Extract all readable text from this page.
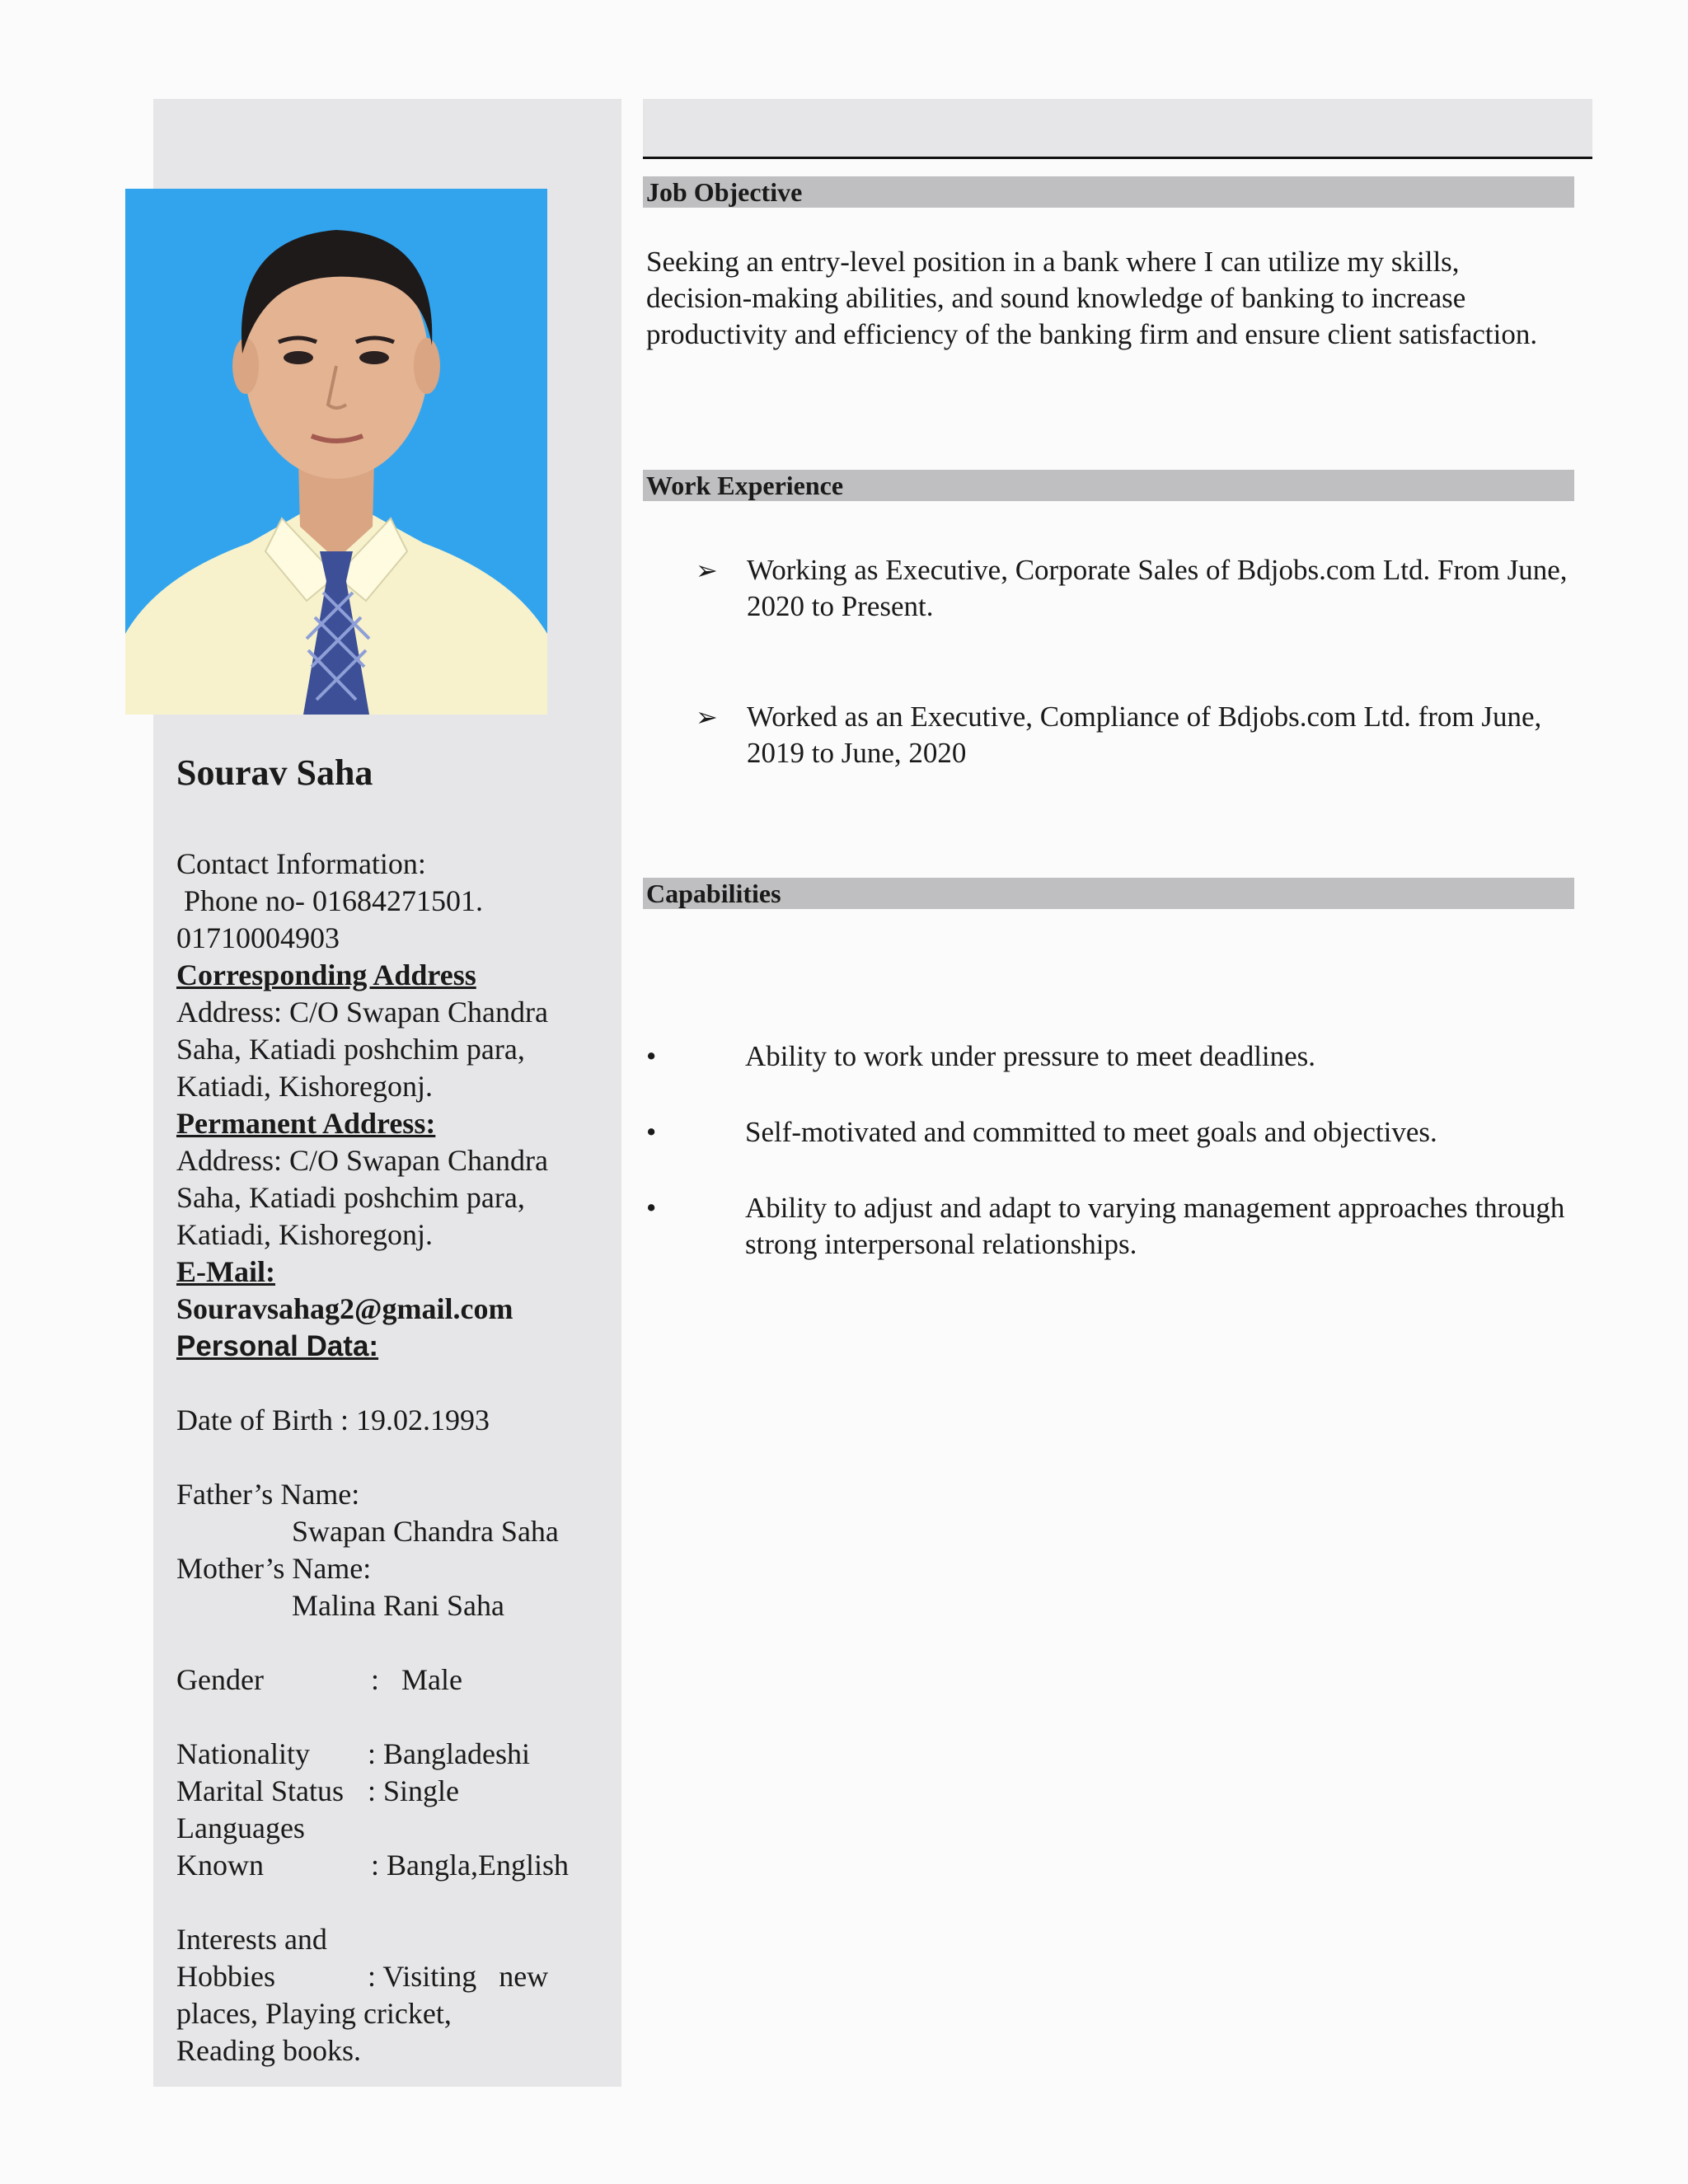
Sourav Saha
Contact Information:
Phone no- 01684271501.
01710004903
Corresponding Address
Address: C/O Swapan Chandra
Saha, Katiadi poshchim para,
Katiadi, Kishoregonj.
Permanent Address:
Address: C/O Swapan Chandra
Saha, Katiadi poshchim para,
Katiadi, Kishoregonj.
E-Mail:
Souravsahag2@gmail.com
Personal Data:
Date of Birth : 19.02.1993
Father’s Name:
Swapan Chandra Saha
Mother’s Name:
Malina Rani Saha
Gender	:   Male
Nationality	: Bangladeshi
Marital Status : Single
Languages
Known	: Bangla,English
Interests and
Hobbies	: Visiting   new
places, Playing cricket,
Reading books.
Job Objective
Seeking an entry-level position in a bank where I can utilize my skills, decision-making abilities, and sound knowledge of banking to increase productivity and efficiency of the banking firm and ensure client satisfaction.
Work Experience
➢	Working as Executive, Corporate Sales of Bdjobs.com Ltd. From June, 2020 to Present.
➢	Worked as an Executive, Compliance of Bdjobs.com Ltd. from June, 2019 to June, 2020
Capabilities
•	Ability to work under pressure to meet deadlines.
•	Self-motivated and committed to meet goals and objectives.
•	Ability to adjust and adapt to varying management approaches through strong interpersonal relationships.
